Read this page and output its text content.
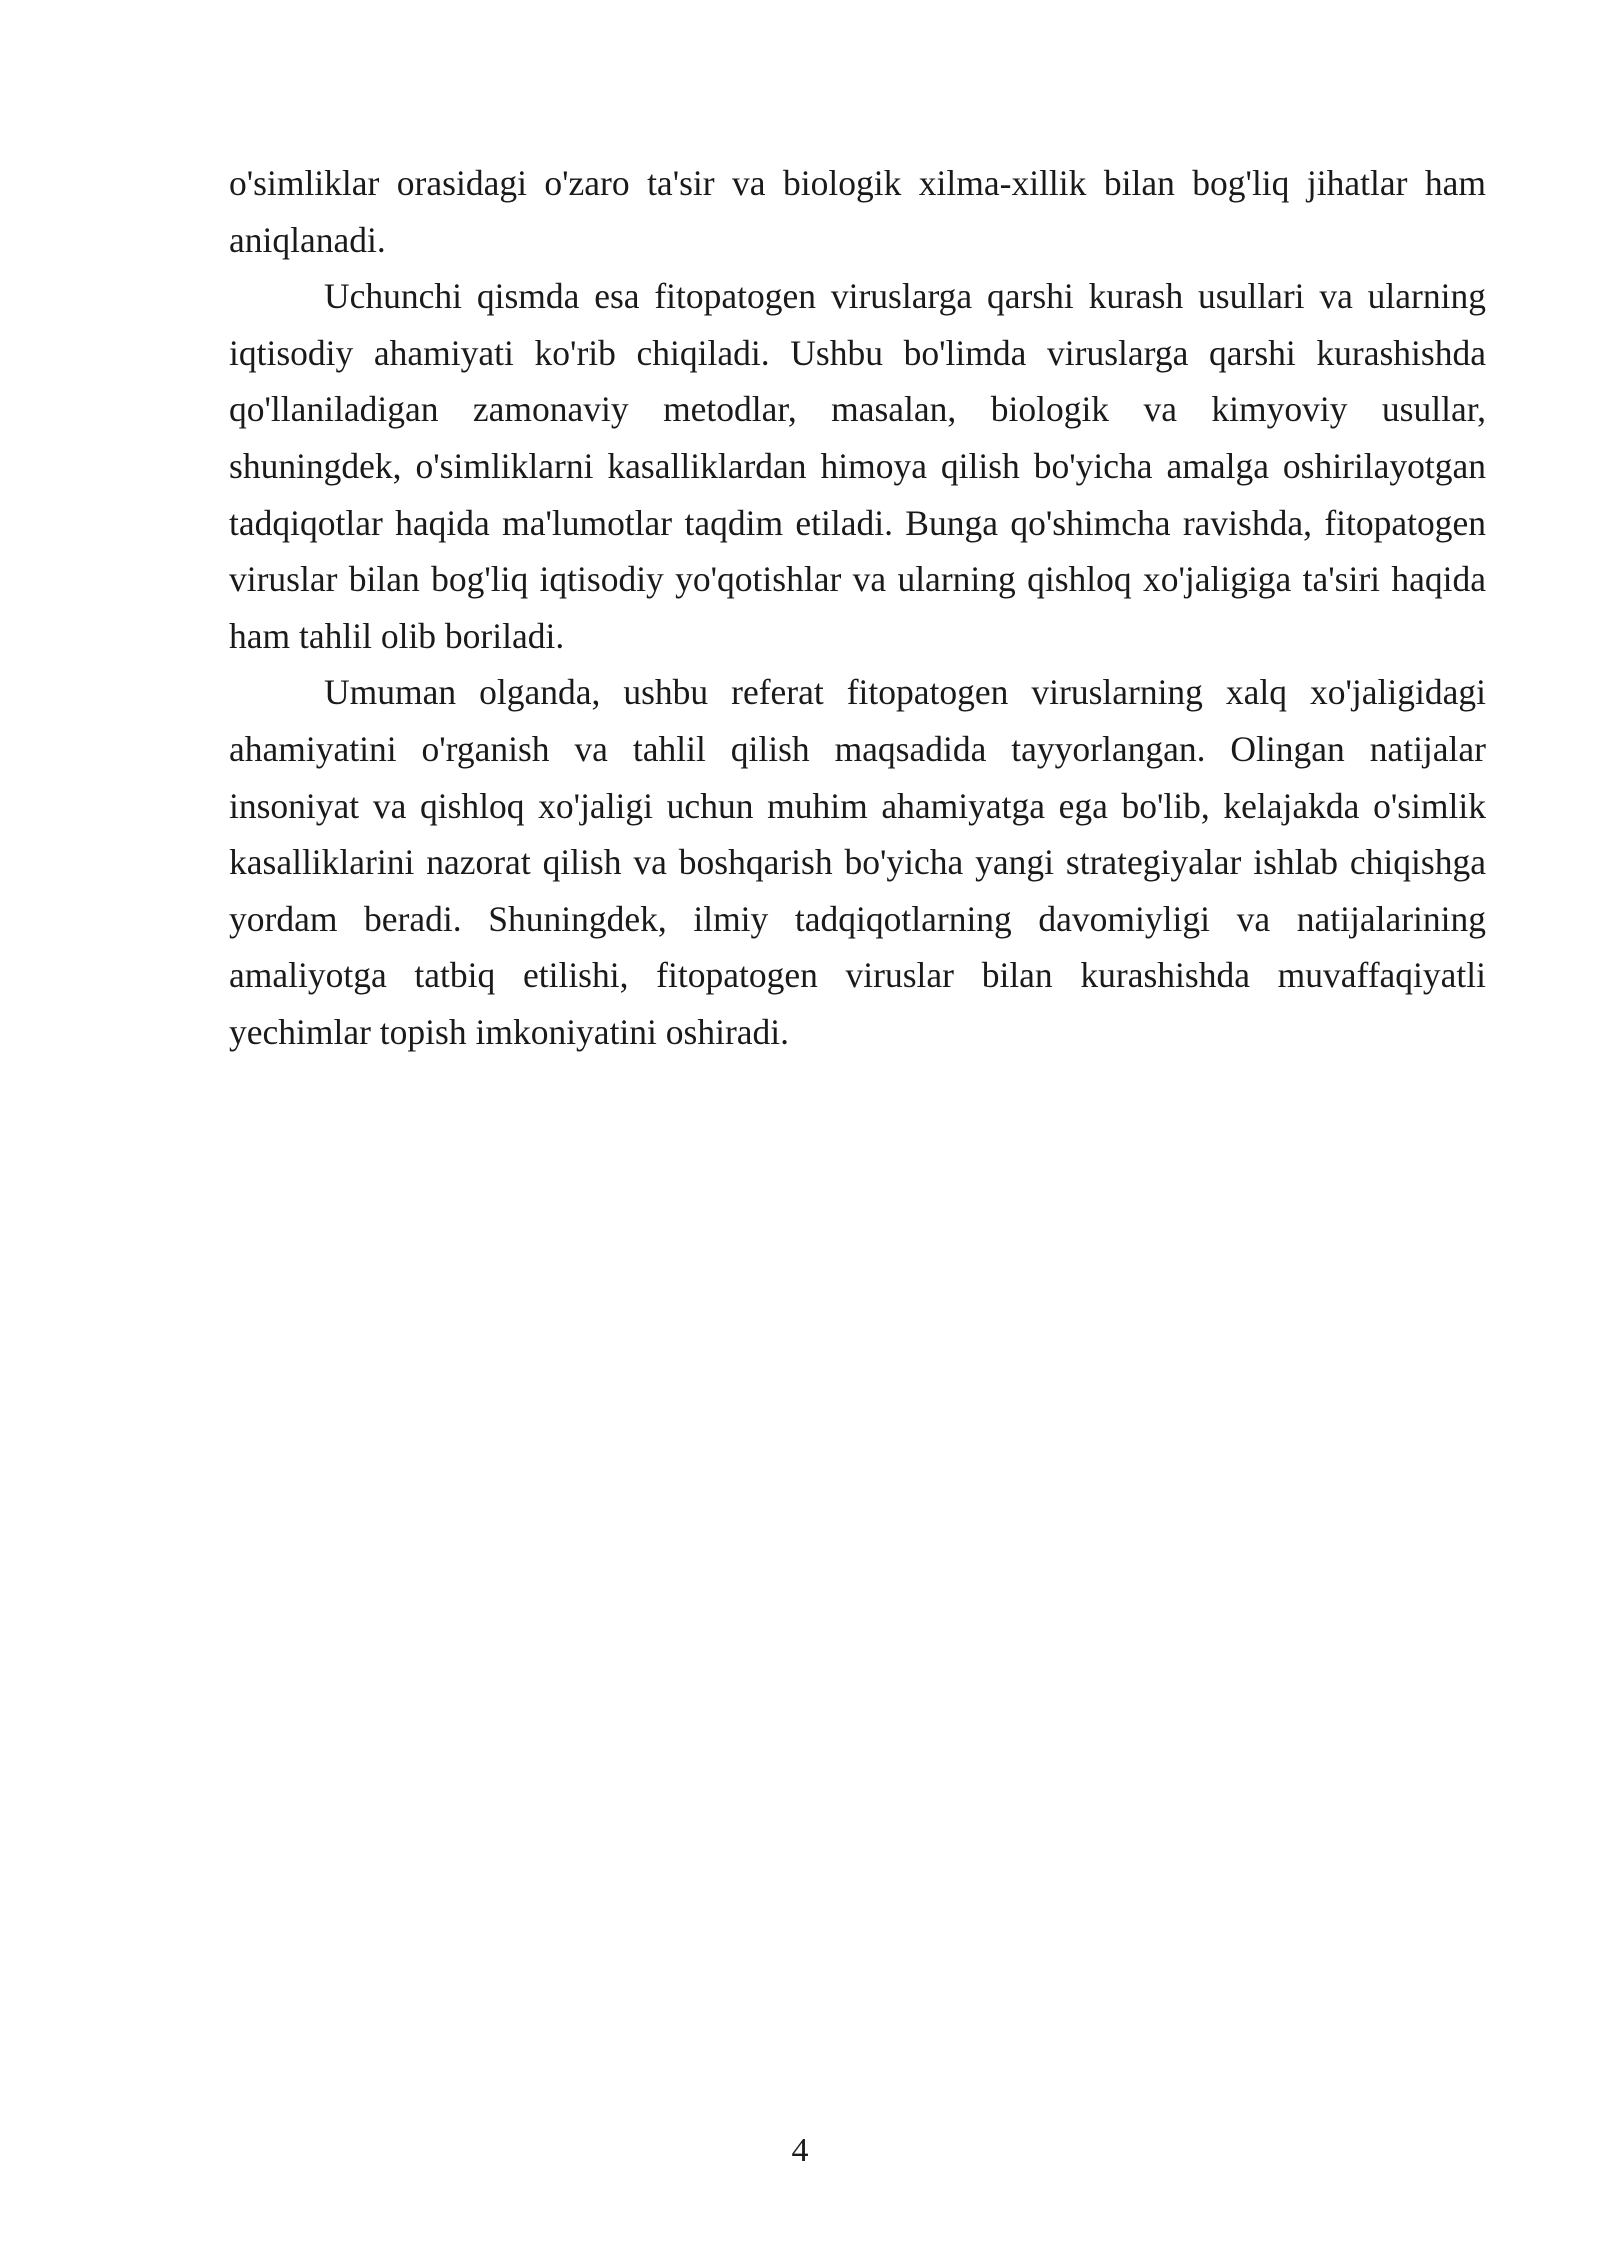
o'simliklar orasidagi o'zaro ta'sir va biologik xilma-xillik bilan bog'liq jihatlar ham aniqlanadi.

Uchunchi qismda esa fitopatogen viruslarga qarshi kurash usullari va ularning iqtisodiy ahamiyati ko'rib chiqiladi. Ushbu bo'limda viruslarga qarshi kurashishda qo'llaniladigan zamonaviy metodlar, masalan, biologik va kimyoviy usullar, shuningdek, o'simliklarni kasalliklardan himoya qilish bo'yicha amalga oshirilayotgan tadqiqotlar haqida ma'lumotlar taqdim etiladi. Bunga qo'shimcha ravishda, fitopatogen viruslar bilan bog'liq iqtisodiy yo'qotishlar va ularning qishloq xo'jaligiga ta'siri haqida ham tahlil olib boriladi.

Umuman olganda, ushbu referat fitopatogen viruslarning xalq xo'jaligidagi ahamiyatini o'rganish va tahlil qilish maqsadida tayyorlangan. Olingan natijalar insoniyat va qishloq xo'jaligi uchun muhim ahamiyatga ega bo'lib, kelajakda o'simlik kasalliklarini nazorat qilish va boshqarish bo'yicha yangi strategiyalar ishlab chiqishga yordam beradi. Shuningdek, ilmiy tadqiqotlarning davomiyligi va natijalarining amaliyotga tatbiq etilishi, fitopatogen viruslar bilan kurashishda muvaffaqiyatli yechimlar topish imkoniyatini oshiradi.

4
